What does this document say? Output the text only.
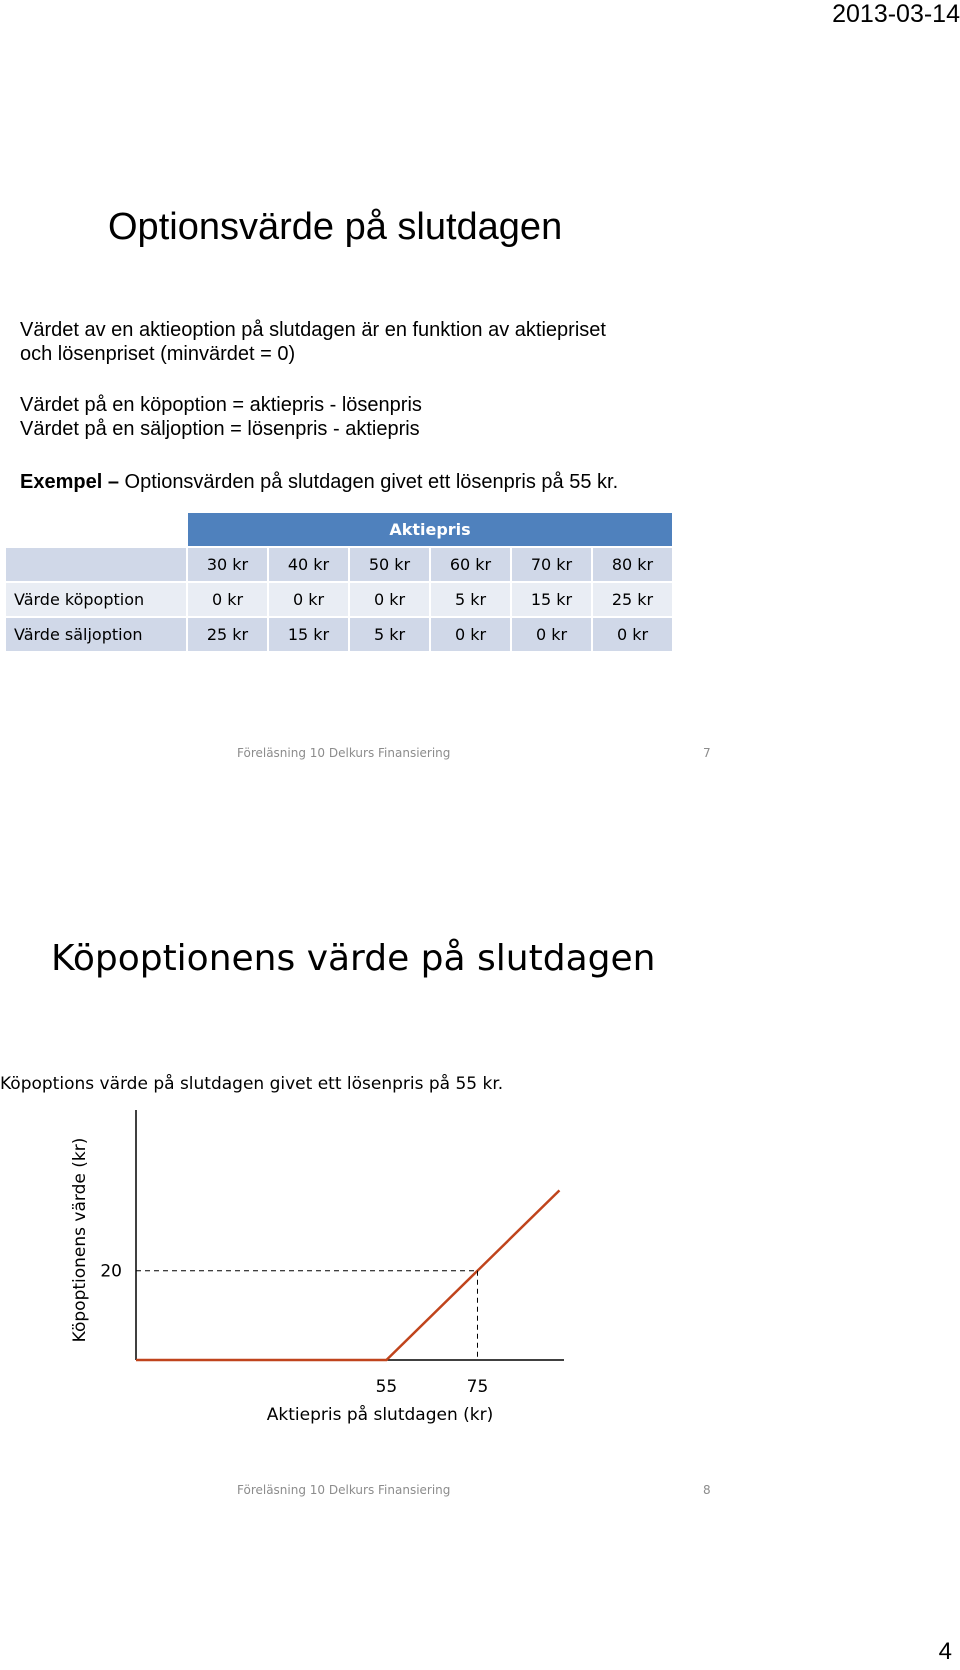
2013-03-14
Optionsvärde på slutdagen
Värdet av en aktieoption på slutdagen är en funktion av aktiepriset
och lösenpriset (minvärdet = 0)
Värdet på en köpoption = aktiepris - lösenpris
Värdet på en säljoption = lösenpris - aktiepris
Exempel – Optionsvärden på slutdagen givet ett lösenpris på 55 kr.
	Aktiepris					
	30 kr	40 kr	50 kr	60 kr	70 kr	80 kr
Värde köpoption	0 kr	0 kr	0 kr	5 kr	15 kr	25 kr
Värde säljoption	25 kr	15 kr	5 kr	0 kr	0 kr	0 kr
Föreläsning 10 Delkurs Finansiering	7
Köpoptionens värde på slutdagen
Köpoptions värde på slutdagen givet ett lösenpris på 55 kr.
20
55	75
Aktiepris på slutdagen (kr)
Köpoptionens värde (kr)
Föreläsning 10 Delkurs Finansiering	8
4
